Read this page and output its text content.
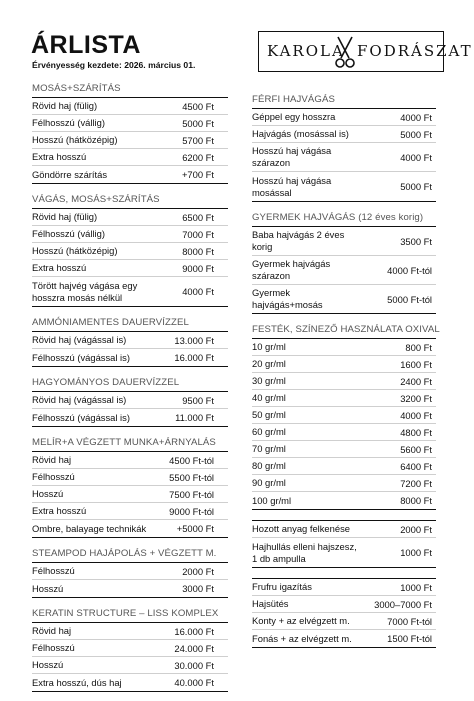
ÁRLISTA
Érvényesség kezdete: 2026. március 01.
KAROLA FODRÁSZAT
MOSÁS+SZÁRÍTÁS
Rövid haj (fülig)	4500 Ft
Félhosszú (vállig)	5000 Ft
Hosszú (hátközépig)	5700 Ft
Extra hosszú	6200 Ft
Göndörre szárítás	+700 Ft
VÁGÁS, MOSÁS+SZÁRÍTÁS
Rövid haj (fülig)	6500 Ft
Félhosszú (vállig)	7000 Ft
Hosszú (hátközépig)	8000 Ft
Extra hosszú	9000 Ft
Törött hajvég vágása egy hosszra mosás nélkül	4000 Ft
AMMÓNIAMENTES DAUERVÍZZEL
Rövid haj (vágással is)	13.000 Ft
Félhosszú (vágással is)	16.000 Ft
HAGYOMÁNYOS DAUERVÍZZEL
Rövid haj (vágással is)	9500 Ft
Félhosszú (vágással is)	11.000 Ft
MELÍR+A VÉGZETT MUNKA+ÁRNYALÁS
Rövid haj	4500 Ft-tól
Félhosszú	5500 Ft-tól
Hosszú	7500 Ft-tól
Extra hosszú	9000 Ft-tól
Ombre, balayage technikák	+5000 Ft
STEAMPOD HAJÁPOLÁS + VÉGZETT M.
Félhosszú	2000 Ft
Hosszú	3000 Ft
KERATIN STRUCTURE – LISS KOMPLEX
Rövid haj	16.000 Ft
Félhosszú	24.000 Ft
Hosszú	30.000 Ft
Extra hosszú, dús haj	40.000 Ft
FÉRFI HAJVÁGÁS
Géppel egy hosszra	4000 Ft
Hajvágás (mosással is)	5000 Ft
Hosszú haj vágása szárazon	4000 Ft
Hosszú haj vágása mosással	5000 Ft
GYERMEK HAJVÁGÁS (12 éves korig)
Baba hajvágás 2 éves korig	3500 Ft
Gyermek hajvágás szárazon	4000 Ft-tól
Gyermek hajvágás+mosás	5000 Ft-tól
FESTÉK, SZÍNEZŐ HASZNÁLATA OXIVAL
10 gr/ml	800 Ft
20 gr/ml	1600 Ft
30 gr/ml	2400 Ft
40 gr/ml	3200 Ft
50 gr/ml	4000 Ft
60 gr/ml	4800 Ft
70 gr/ml	5600 Ft
80 gr/ml	6400 Ft
90 gr/ml	7200 Ft
100 gr/ml	8000 Ft
Hozott anyag felkenése	2000 Ft
Hajhullás elleni hajszesz, 1 db ampulla	1000 Ft
Frufru igazítás	1000 Ft
Hajsütés	3000–7000 Ft
Konty + az elvégzett m.	7000 Ft-tól
Fonás + az elvégzett m.	1500 Ft-tól
